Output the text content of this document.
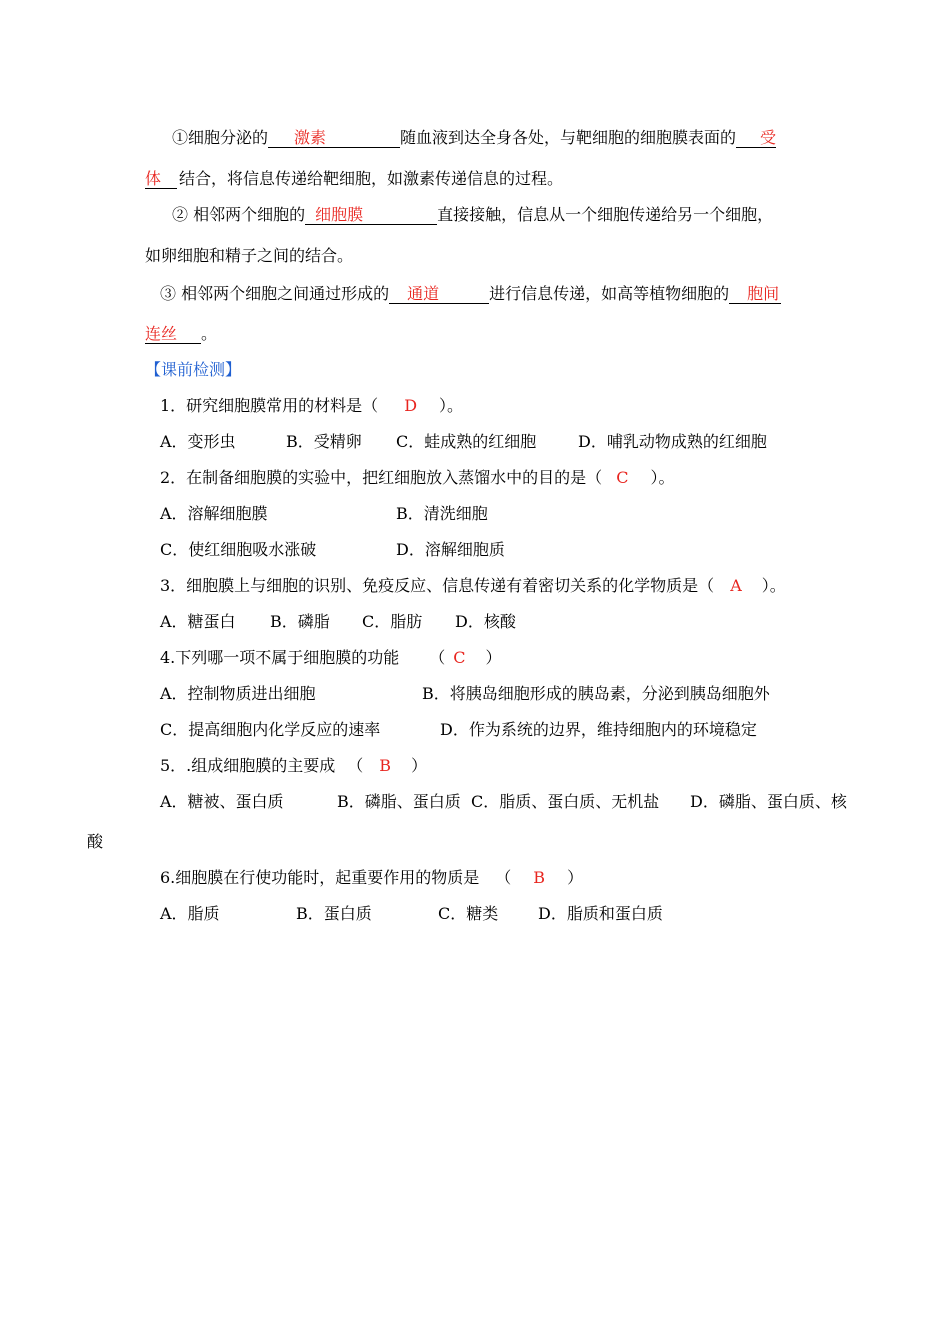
①细胞分泌的 激素	随血液到达全身各处，与靶细胞的细胞膜表面的 受
体 结合，将信息传递给靶细胞，如激素传递信息的过程。
② 相邻两个细胞的 细胞膜	直接接触，信息从一个细胞传递给另一个细胞，
如卵细胞和精子之间的结合。
③ 相邻两个细胞之间通过形成的 通道	进行信息传递，如高等植物细胞的 胞间
连丝 。
【课前检测】
1．研究细胞膜常用的材料是（ D ）。
A．变形虫	B．受精卵 C．蛙成熟的红细胞	D．哺乳动物成熟的红细胞
2．在制备细胞膜的实验中，把红细胞放入蒸馏水中的目的是（ C ）。
A．溶解细胞膜	B．清洗细胞
C．使红细胞吸水涨破	D．溶解细胞质
3．细胞膜上与细胞的识别、免疫反应、信息传递有着密切关系的化学物质是（ A ）。
A．糖蛋白 B．磷脂 C．脂肪 D．核酸
4.下列哪一项不属于细胞膜的功能 （ C ）
A．控制物质进出细胞	B．将胰岛细胞形成的胰岛素，分泌到胰岛细胞外
C．提高细胞内化学反应的速率	D．作为系统的边界，维持细胞内的环境稳定
5．.组成细胞膜的主要成 （ B ）
A．糖被、蛋白质	B．磷脂、蛋白质 C．脂质、蛋白质、无机盐 D．磷脂、蛋白质、核
酸
6.细胞膜在行使功能时，起重要作用的物质是 （ B ）
A．脂质	B．蛋白质	C．糖类 D．脂质和蛋白质
